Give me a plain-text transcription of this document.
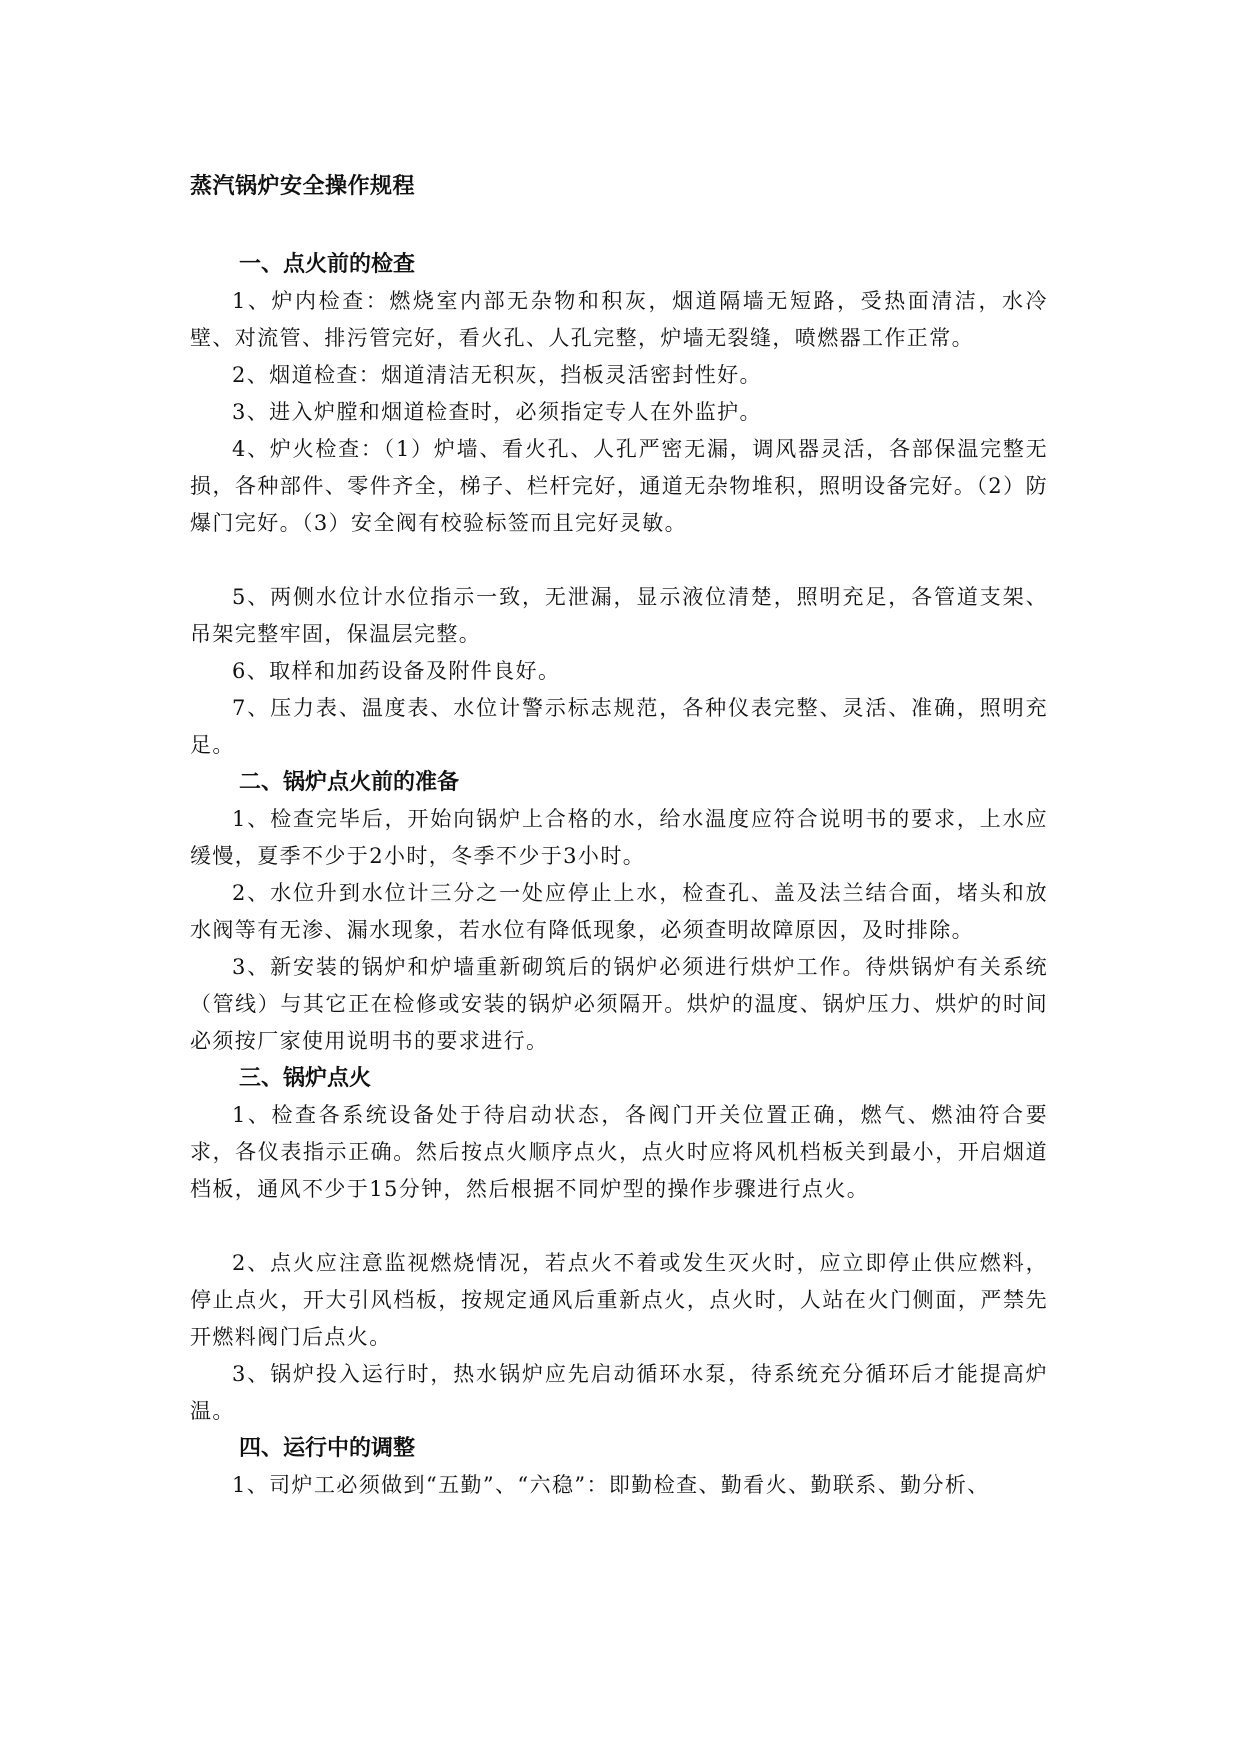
蒸汽锅炉安全操作规程
一、点火前的检查

1、炉内检查：燃烧室内部无杂物和积灰，烟道隔墙无短路，受热面清洁，水冷壁、对流管、排污管完好，看火孔、人孔完整，炉墙无裂缝，喷燃器工作正常。

2、烟道检查：烟道清洁无积灰，挡板灵活密封性好。

3、进入炉膛和烟道检查时，必须指定专人在外监护。

4、炉火检查：（1）炉墙、看火孔、人孔严密无漏，调风器灵活，各部保温完整无损，各种部件、零件齐全，梯子、栏杆完好，通道无杂物堆积，照明设备完好。（2）防爆门完好。（3）安全阀有校验标签而且完好灵敏。

5、两侧水位计水位指示一致，无泄漏，显示液位清楚，照明充足，各管道支架、吊架完整牢固，保温层完整。

6、取样和加药设备及附件良好。

7、压力表、温度表、水位计警示标志规范，各种仪表完整、灵活、准确，照明充足。

二、锅炉点火前的准备

1、检查完毕后，开始向锅炉上合格的水，给水温度应符合说明书的要求，上水应缓慢，夏季不少于2小时，冬季不少于3小时。

2、水位升到水位计三分之一处应停止上水，检查孔、盖及法兰结合面，堵头和放水阀等有无渗、漏水现象，若水位有降低现象，必须查明故障原因，及时排除。

3、新安装的锅炉和炉墙重新砌筑后的锅炉必须进行烘炉工作。待烘锅炉有关系统（管线）与其它正在检修或安装的锅炉必须隔开。烘炉的温度、锅炉压力、烘炉的时间必须按厂家使用说明书的要求进行。

三、锅炉点火

1、检查各系统设备处于待启动状态，各阀门开关位置正确，燃气、燃油符合要求，各仪表指示正确。然后按点火顺序点火，点火时应将风机档板关到最小，开启烟道档板，通风不少于15分钟，然后根据不同炉型的操作步骤进行点火。

2、点火应注意监视燃烧情况，若点火不着或发生灭火时，应立即停止供应燃料，停止点火，开大引风档板，按规定通风后重新点火，点火时，人站在火门侧面，严禁先开燃料阀门后点火。

3、锅炉投入运行时，热水锅炉应先启动循环水泵，待系统充分循环后才能提高炉温。

四、运行中的调整

1、司炉工必须做到“五勤”、“六稳”：即勤检查、勤看火、勤联系、勤分析、
